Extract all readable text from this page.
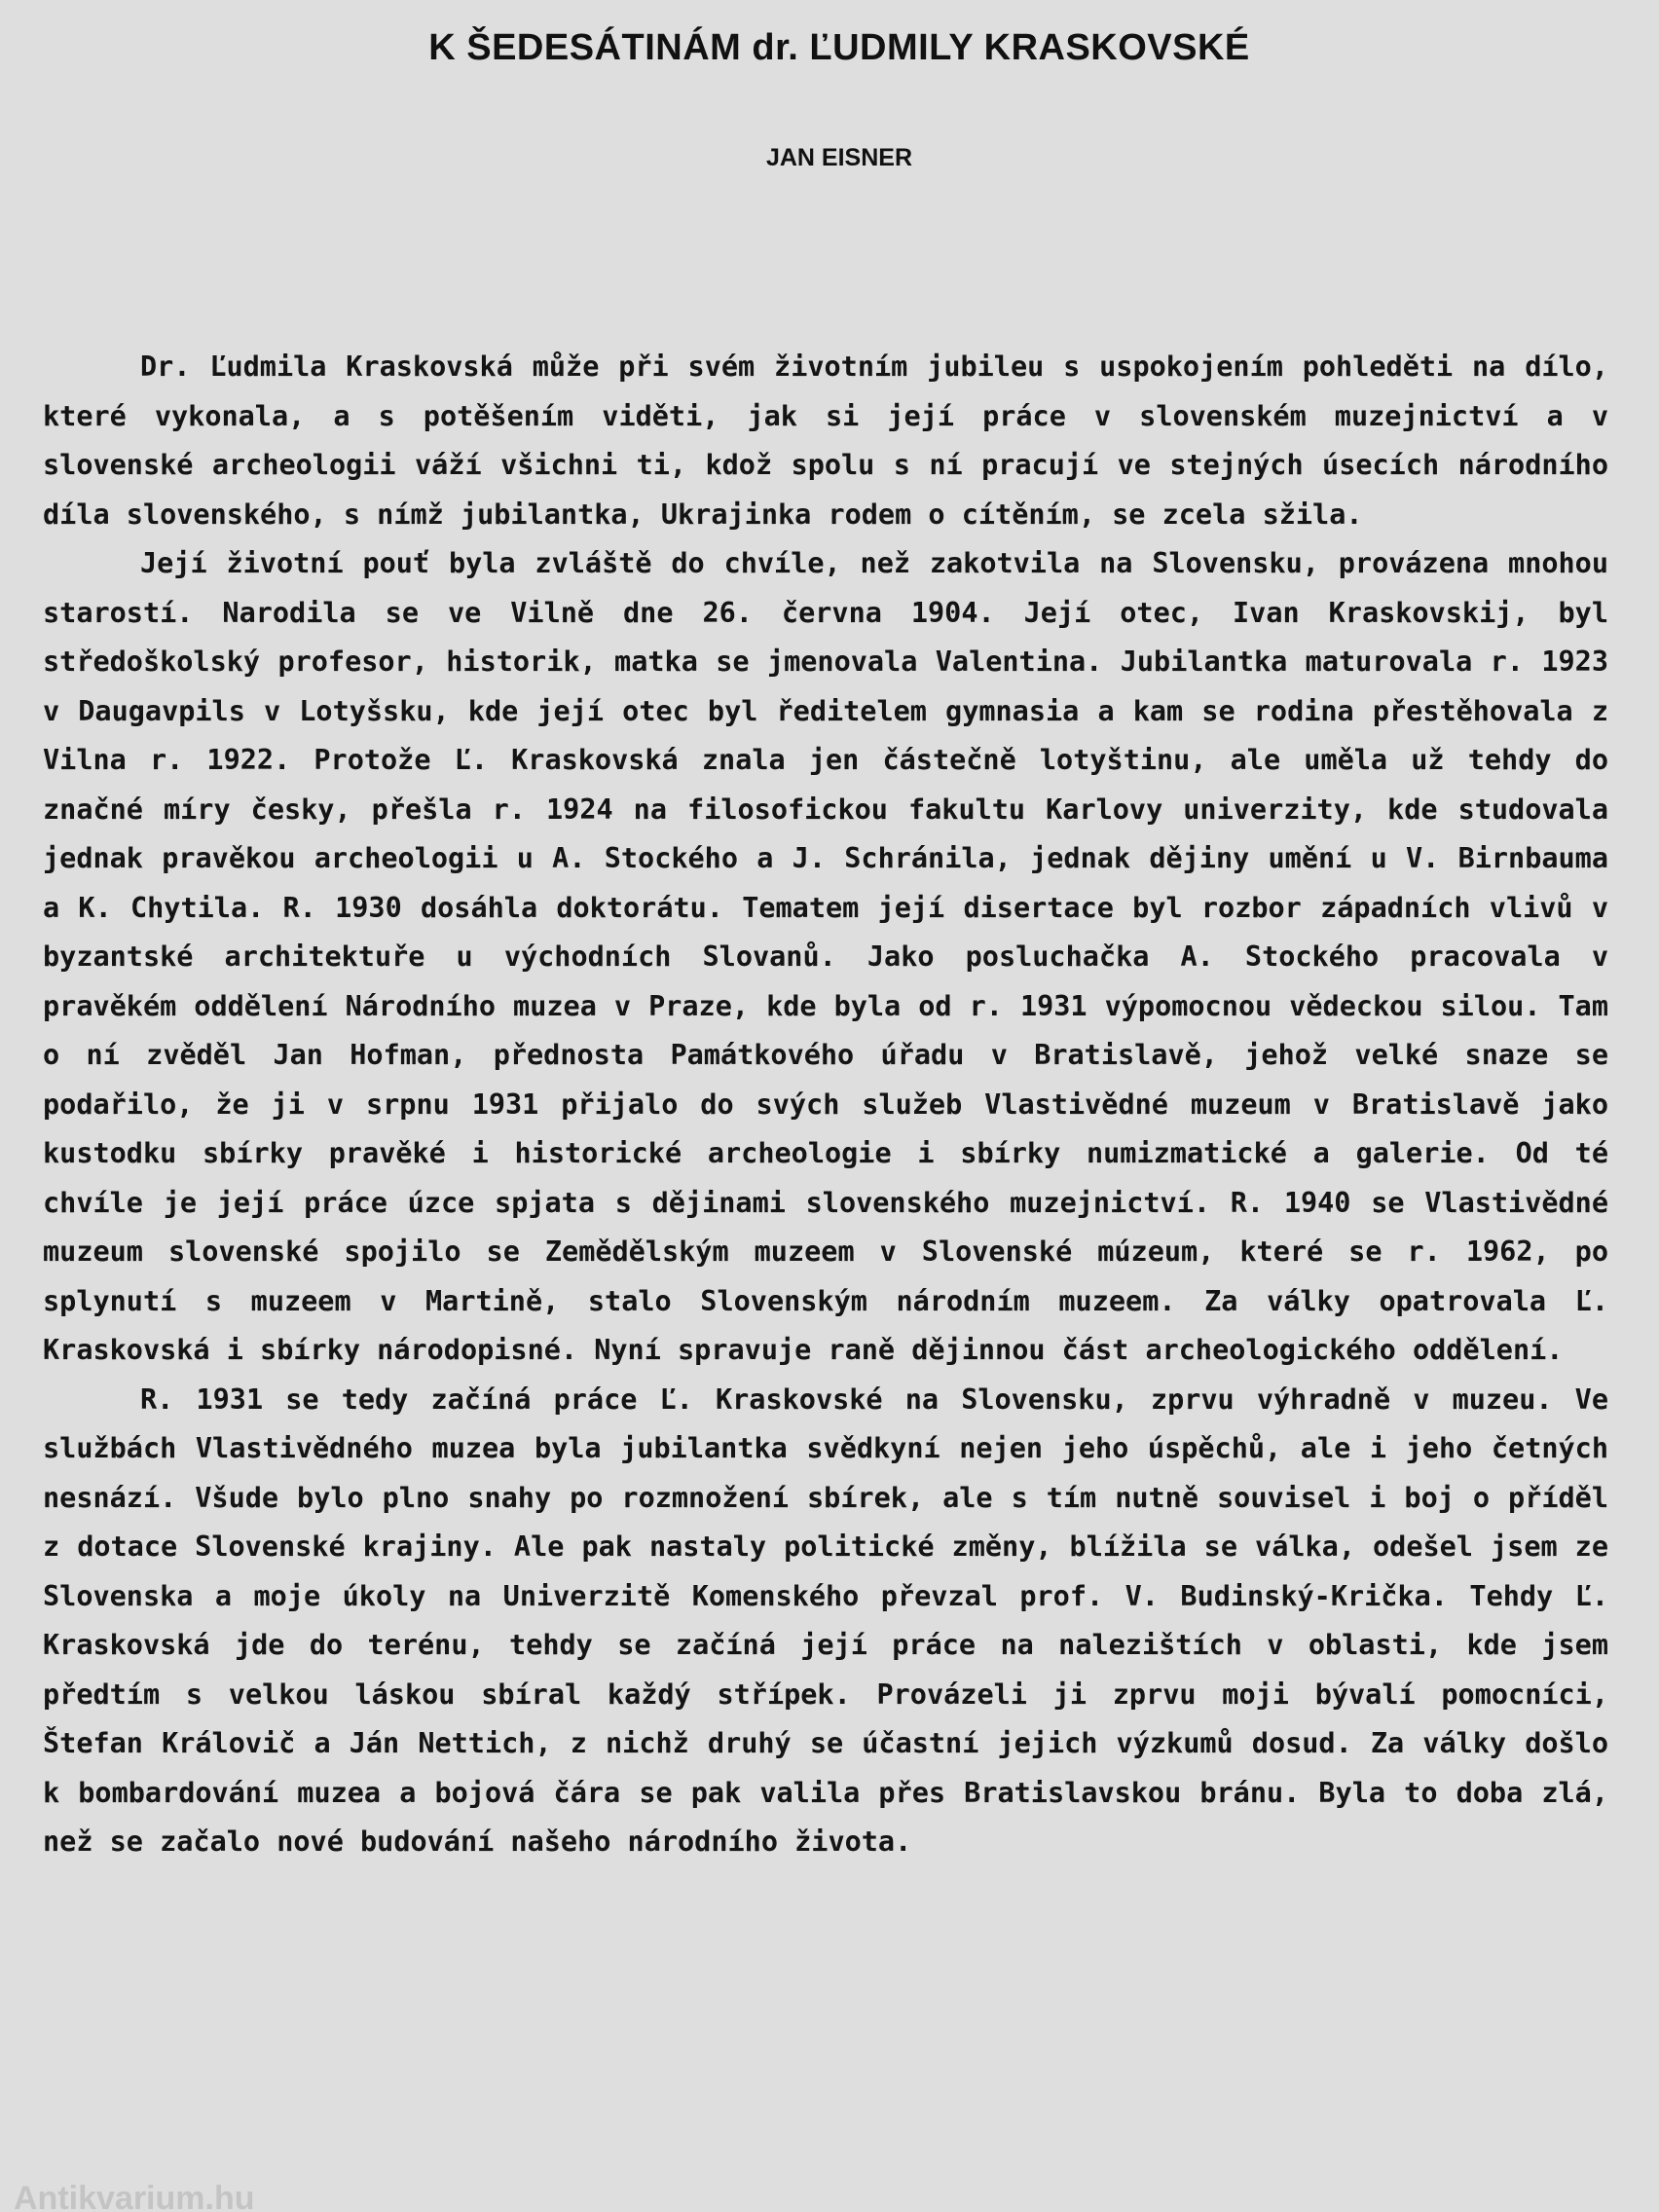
K ŠEDESÁTINÁM dr. ĽUDMILY KRASKOVSKÉ
JAN EISNER

Dr. Ľudmila Kraskovská může při svém životním jubileu s uspokojením pohleděti na dílo, které vykonala, a s potěšením viděti, jak si její práce v slovenském muzejnictví a v slovenské archeologii váží všichni ti, kdož spolu s ní pracují ve stejných úsecích národního díla slovenského, s nímž jubilantka, Ukrajinka rodem o cítěním, se zcela sžila.

Její životní pouť byla zvláště do chvíle, než zakotvila na Slovensku, provázena mnohou starostí. Narodila se ve Vilně dne 26. června 1904. Její otec, Ivan Kraskovskij, byl středoškolský profesor, historik, matka se jmenovala Valentina. Jubilantka maturovala r. 1923 v Daugavpils v Lotyšsku, kde její otec byl ředitelem gymnasia a kam se rodina přestěhovala z Vilna r. 1922. Protože Ľ. Kraskovská znala jen částečně lotyštinu, ale uměla už tehdy do značné míry česky, přešla r. 1924 na filosofickou fakultu Karlovy univerzity, kde studovala jednak pravěkou archeologii u A. Stockého a J. Schránila, jednak dějiny umění u V. Birnbauma a K. Chytila. R. 1930 dosáhla doktorátu. Tematem její disertace byl rozbor západních vlivů v byzantské architektuře u východních Slovanů. Jako posluchačka A. Stockého pracovala v pravěkém oddělení Národního muzea v Praze, kde byla od r. 1931 výpomocnou vědeckou silou. Tam o ní zvěděl Jan Hofman, přednosta Památkového úřadu v Bratislavě, jehož velké snaze se podařilo, že ji v srpnu 1931 přijalo do svých služeb Vlastivědné muzeum v Bratislavě jako kustodku sbírky pravěké i historické archeologie i sbírky numizmatické a galerie. Od té chvíle je její práce úzce spjata s dějinami slovenského muzejnictví. R. 1940 se Vlastivědné muzeum slovenské spojilo se Zemědělským muzeem v Slovenské múzeum, které se r. 1962, po splynutí s muzeem v Martině, stalo Slovenským národním muzeem. Za války opatrovala Ľ. Kraskovská i sbírky národopisné. Nyní spravuje raně dějinnou část archeologického oddělení.

R. 1931 se tedy začíná práce Ľ. Kraskovské na Slovensku, zprvu výhradně v muzeu. Ve službách Vlastivědného muzea byla jubilantka svědkyní nejen jeho úspěchů, ale i jeho četných nesnází. Všude bylo plno snahy po rozmnožení sbírek, ale s tím nutně souvisel i boj o příděl z dotace Slovenské krajiny. Ale pak nastaly politické změny, blížila se válka, odešel jsem ze Slovenska a moje úkoly na Univerzitě Komenského převzal prof. V. Budinský-Krička. Tehdy Ľ. Kraskovská jde do terénu, tehdy se začíná její práce na nalezištích v oblasti, kde jsem předtím s velkou láskou sbíral každý střípek. Provázeli ji zprvu moji bývalí pomocníci, Štefan Královič a Ján Nettich, z nichž druhý se účastní jejich výzkumů dosud. Za války došlo k bombardování muzea a bojová čára se pak valila přes Bratislavskou bránu. Byla to doba zlá, než se začalo nové budování našeho národního života.

Antikvarium.hu
